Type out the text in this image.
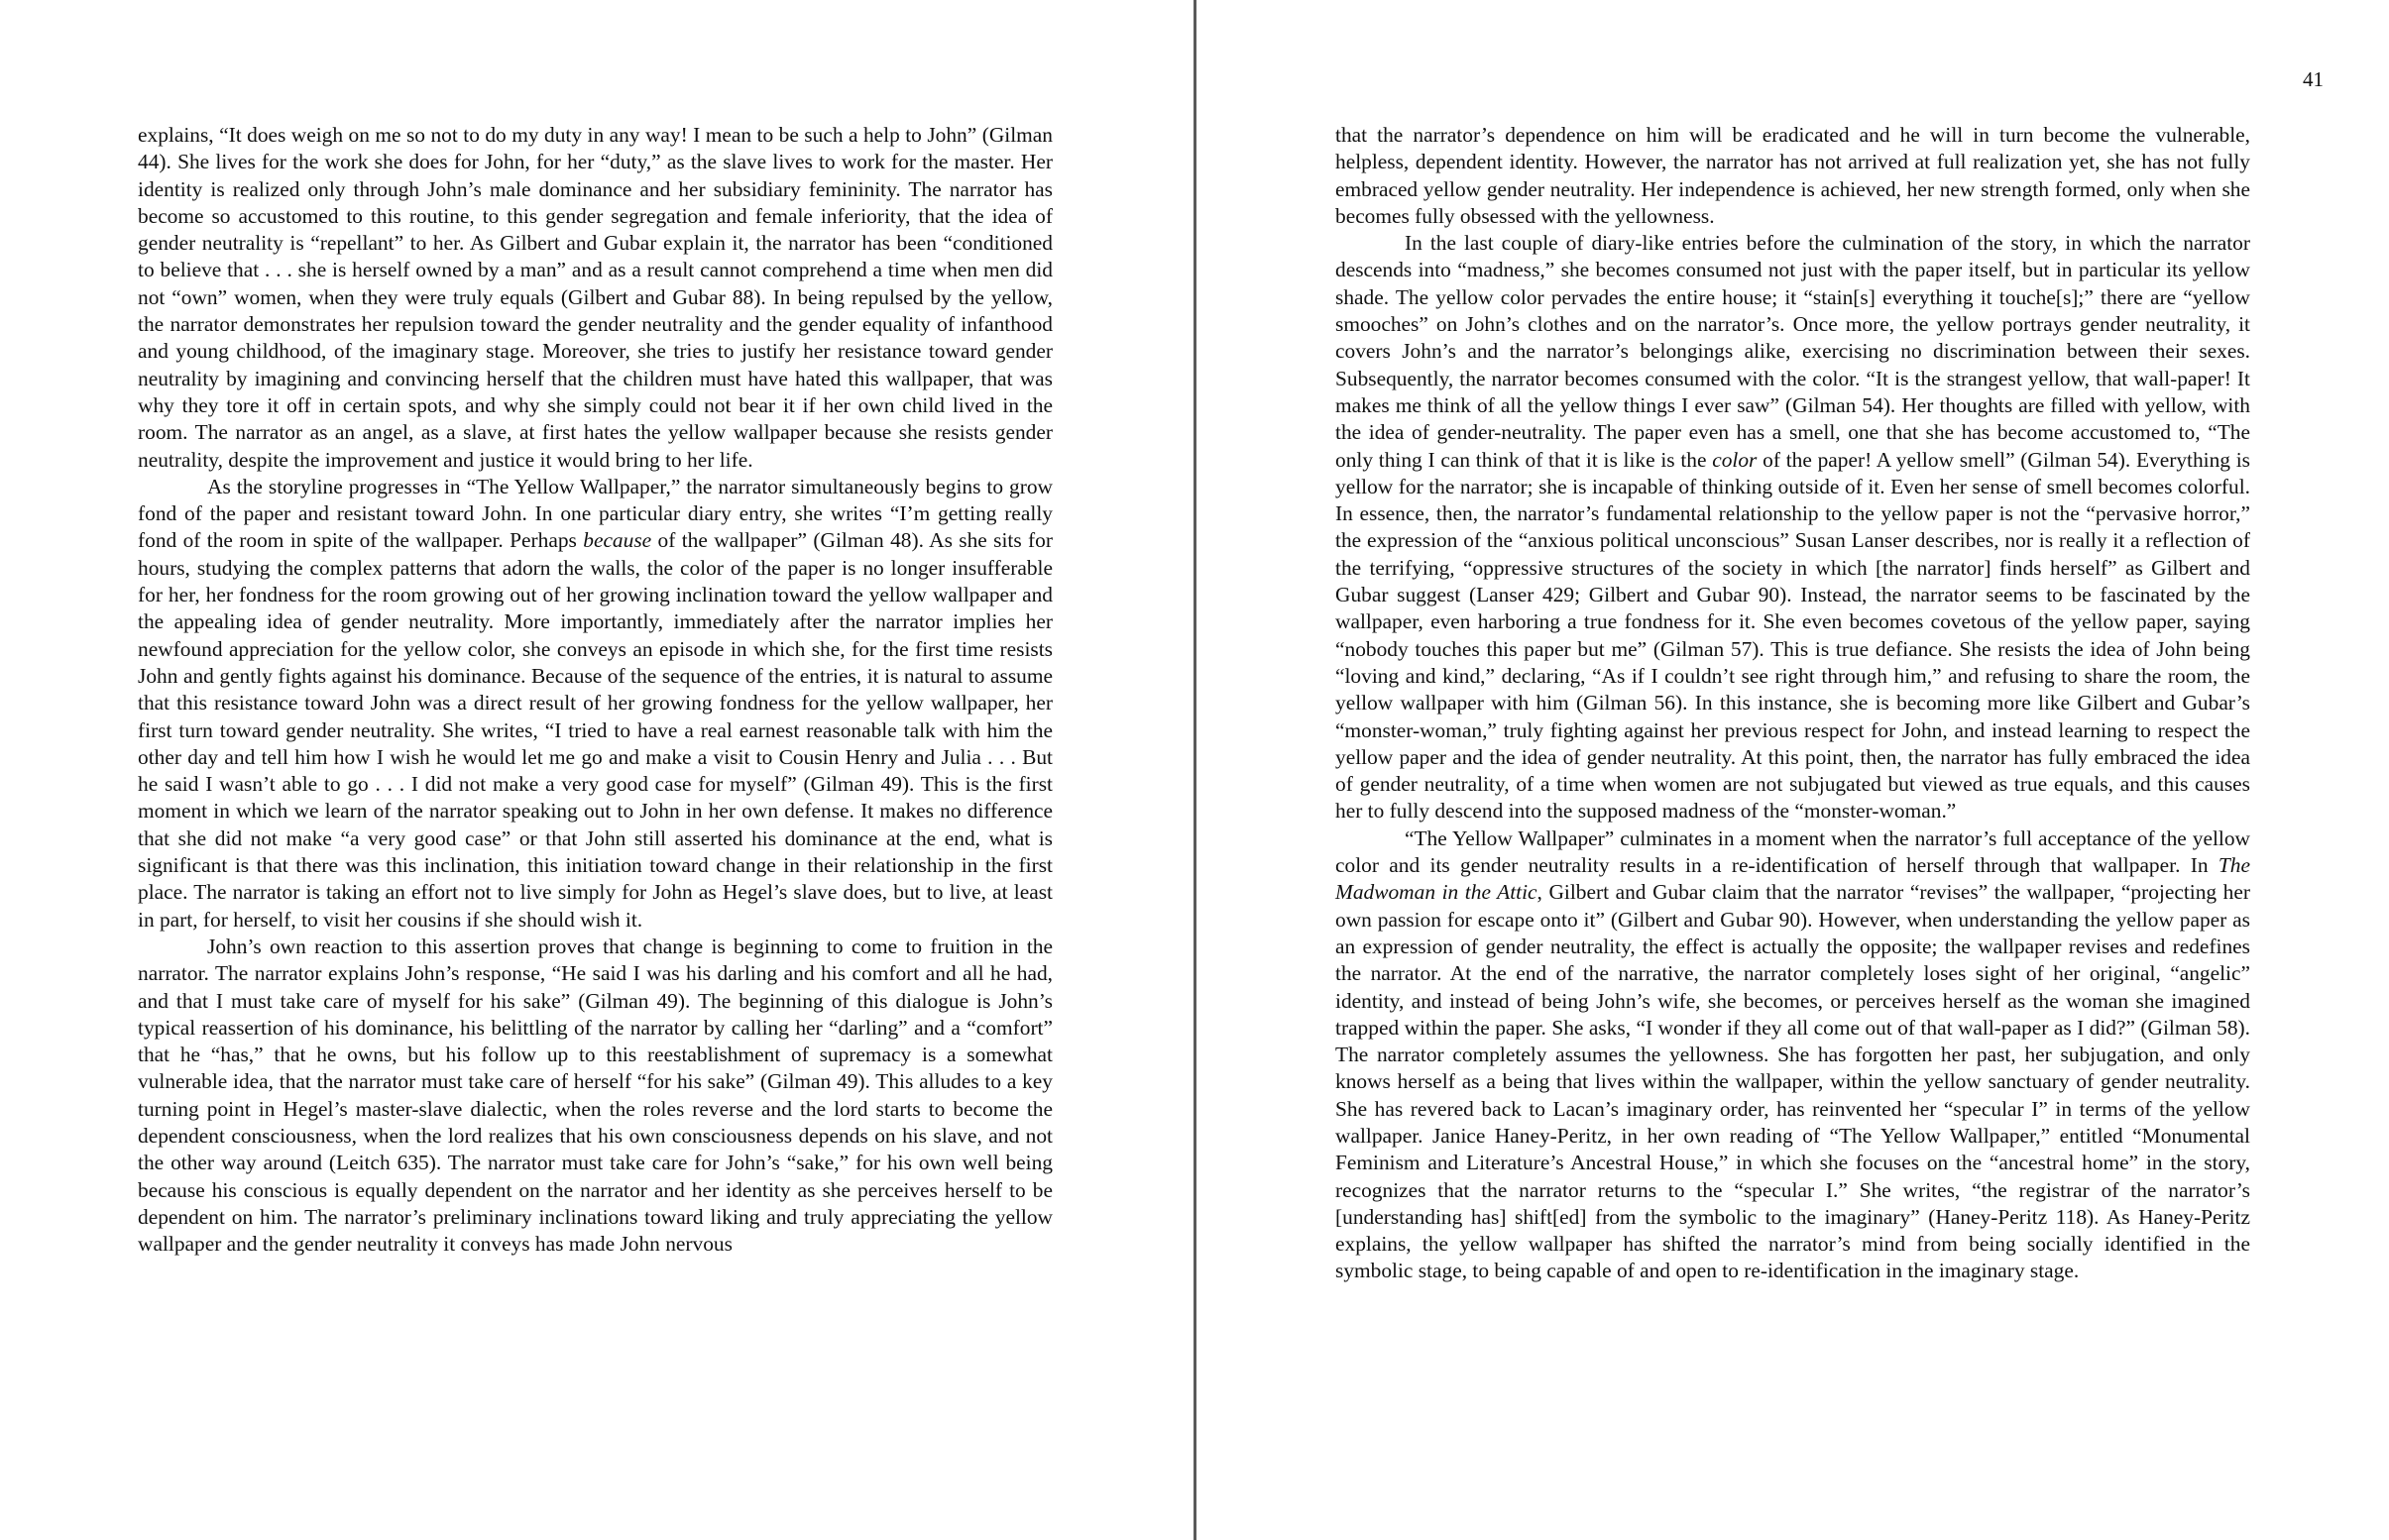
explains, “It does weigh on me so not to do my duty in any way! I mean to be such a help to John” (Gilman 44). She lives for the work she does for John, for her “duty,” as the slave lives to work for the master. Her identity is realized only through John’s male dominance and her subsidiary femininity. The narrator has become so accustomed to this routine, to this gender segregation and female inferiority, that the idea of gender neutrality is “repellant” to her. As Gilbert and Gubar explain it, the narrator has been “conditioned to believe that . . . she is herself owned by a man” and as a result cannot comprehend a time when men did not “own” women, when they were truly equals (Gilbert and Gubar 88). In being repulsed by the yellow, the narrator demonstrates her repulsion toward the gender neutrality and the gender equality of infanthood and young childhood, of the imaginary stage. Moreover, she tries to justify her resistance toward gender neutrality by imagining and convincing herself that the children must have hated this wallpaper, that was why they tore it off in certain spots, and why she simply could not bear it if her own child lived in the room. The narrator as an angel, as a slave, at first hates the yellow wallpaper because she resists gender neutrality, despite the improvement and justice it would bring to her life.

As the storyline progresses in “The Yellow Wallpaper,” the narrator simultaneously begins to grow fond of the paper and resistant toward John. In one particular diary entry, she writes “I’m getting really fond of the room in spite of the wallpaper. Perhaps because of the wallpaper” (Gilman 48). As she sits for hours, studying the complex patterns that adorn the walls, the color of the paper is no longer insufferable for her, her fondness for the room growing out of her growing inclination toward the yellow wallpaper and the appealing idea of gender neutrality. More importantly, immediately after the narrator implies her newfound appreciation for the yellow color, she conveys an episode in which she, for the first time resists John and gently fights against his dominance. Because of the sequence of the entries, it is natural to assume that this resistance toward John was a direct result of her growing fondness for the yellow wallpaper, her first turn toward gender neutrality. She writes, “I tried to have a real earnest reasonable talk with him the other day and tell him how I wish he would let me go and make a visit to Cousin Henry and Julia . . . But he said I wasn’t able to go . . . I did not make a very good case for myself” (Gilman 49). This is the first moment in which we learn of the narrator speaking out to John in her own defense. It makes no difference that she did not make “a very good case” or that John still asserted his dominance at the end, what is significant is that there was this inclination, this initiation toward change in their relationship in the first place. The narrator is taking an effort not to live simply for John as Hegel’s slave does, but to live, at least in part, for herself, to visit her cousins if she should wish it.

John’s own reaction to this assertion proves that change is beginning to come to fruition in the narrator. The narrator explains John’s response, “He said I was his darling and his comfort and all he had, and that I must take care of myself for his sake” (Gilman 49). The beginning of this dialogue is John’s typical reassertion of his dominance, his belittling of the narrator by calling her “darling” and a “comfort” that he “has,” that he owns, but his follow up to this reestablishment of supremacy is a somewhat vulnerable idea, that the narrator must take care of herself “for his sake” (Gilman 49). This alludes to a key turning point in Hegel’s master-slave dialectic, when the roles reverse and the lord starts to become the dependent consciousness, when the lord realizes that his own consciousness depends on his slave, and not the other way around (Leitch 635). The narrator must take care for John’s “sake,” for his own well being because his conscious is equally dependent on the narrator and her identity as she perceives herself to be dependent on him. The narrator’s preliminary inclinations toward liking and truly appreciating the yellow wallpaper and the gender neutrality it conveys has made John nervous

41

that the narrator’s dependence on him will be eradicated and he will in turn become the vulnerable, helpless, dependent identity. However, the narrator has not arrived at full realization yet, she has not fully embraced yellow gender neutrality. Her independence is achieved, her new strength formed, only when she becomes fully obsessed with the yellowness.

In the last couple of diary-like entries before the culmination of the story, in which the narrator descends into “madness,” she becomes consumed not just with the paper itself, but in particular its yellow shade. The yellow color pervades the entire house; it “stain[s] everything it touche[s];” there are “yellow smooches” on John’s clothes and on the narrator’s. Once more, the yellow portrays gender neutrality, it covers John’s and the narrator’s belongings alike, exercising no discrimination between their sexes. Subsequently, the narrator becomes consumed with the color. “It is the strangest yellow, that wall-paper! It makes me think of all the yellow things I ever saw” (Gilman 54). Her thoughts are filled with yellow, with the idea of gender-neutrality. The paper even has a smell, one that she has become accustomed to, “The only thing I can think of that it is like is the color of the paper! A yellow smell” (Gilman 54). Everything is yellow for the narrator; she is incapable of thinking outside of it. Even her sense of smell becomes colorful. In essence, then, the narrator’s fundamental relationship to the yellow paper is not the “pervasive horror,” the expression of the “anxious political unconscious” Susan Lanser describes, nor is really it a reflection of the terrifying, “oppressive structures of the society in which [the narrator] finds herself” as Gilbert and Gubar suggest (Lanser 429; Gilbert and Gubar 90). Instead, the narrator seems to be fascinated by the wallpaper, even harboring a true fondness for it. She even becomes covetous of the yellow paper, saying “nobody touches this paper but me” (Gilman 57). This is true defiance. She resists the idea of John being “loving and kind,” declaring, “As if I couldn’t see right through him,” and refusing to share the room, the yellow wallpaper with him (Gilman 56). In this instance, she is becoming more like Gilbert and Gubar’s “monster-woman,” truly fighting against her previous respect for John, and instead learning to respect the yellow paper and the idea of gender neutrality. At this point, then, the narrator has fully embraced the idea of gender neutrality, of a time when women are not subjugated but viewed as true equals, and this causes her to fully descend into the supposed madness of the “monster-woman.”

“The Yellow Wallpaper” culminates in a moment when the narrator’s full acceptance of the yellow color and its gender neutrality results in a re-identification of herself through that wallpaper. In The Madwoman in the Attic, Gilbert and Gubar claim that the narrator “revises” the wallpaper, “projecting her own passion for escape onto it” (Gilbert and Gubar 90). However, when understanding the yellow paper as an expression of gender neutrality, the effect is actually the opposite; the wallpaper revises and redefines the narrator. At the end of the narrative, the narrator completely loses sight of her original, “angelic” identity, and instead of being John’s wife, she becomes, or perceives herself as the woman she imagined trapped within the paper. She asks, “I wonder if they all come out of that wall-paper as I did?” (Gilman 58). The narrator completely assumes the yellowness. She has forgotten her past, her subjugation, and only knows herself as a being that lives within the wallpaper, within the yellow sanctuary of gender neutrality. She has revered back to Lacan’s imaginary order, has reinvented her “specular I” in terms of the yellow wallpaper. Janice Haney-Peritz, in her own reading of “The Yellow Wallpaper,” entitled “Monumental Feminism and Literature’s Ancestral House,” in which she focuses on the “ancestral home” in the story, recognizes that the narrator returns to the “specular I.” She writes, “the registrar of the narrator’s [understanding has] shift[ed] from the symbolic to the imaginary” (Haney-Peritz 118). As Haney-Peritz explains, the yellow wallpaper has shifted the narrator’s mind from being socially identified in the symbolic stage, to being capable of and open to re-identification in the imaginary stage.
